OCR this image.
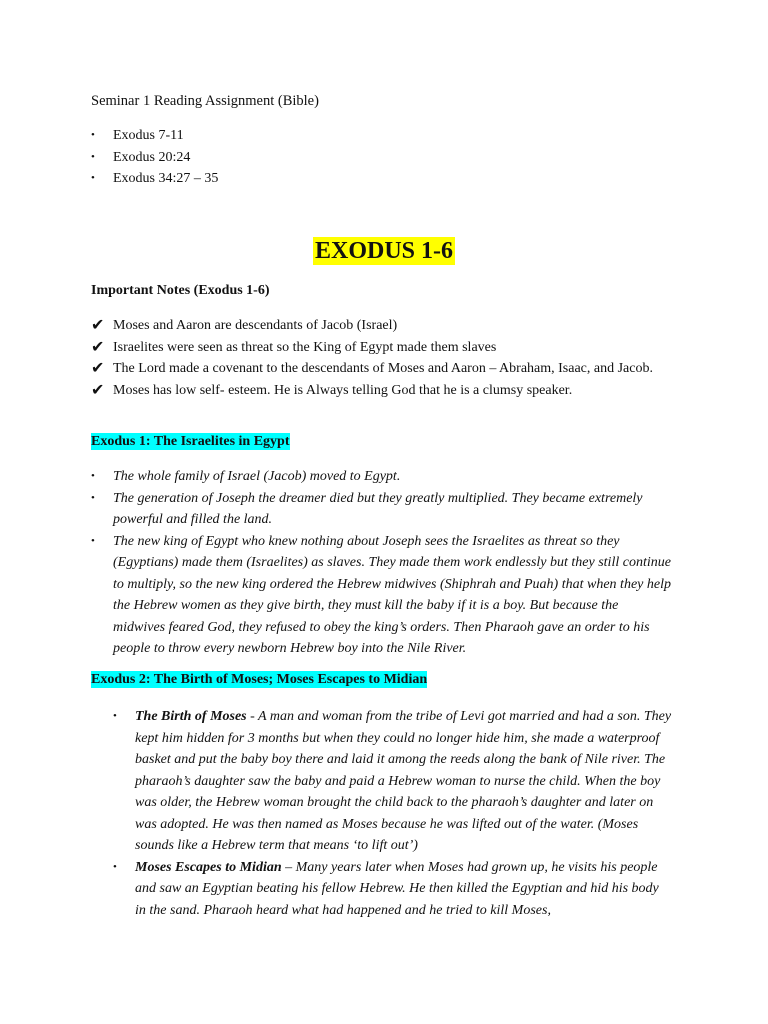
Seminar 1 Reading Assignment (Bible)
• Exodus 7-11
• Exodus 20:24
• Exodus 34:27 – 35
EXODUS 1-6
Important Notes (Exodus 1-6)
✔ Moses and Aaron are descendants of Jacob (Israel)
✔ Israelites were seen as threat so the King of Egypt made them slaves
✔ The Lord made a covenant to the descendants of Moses and Aaron – Abraham, Isaac, and Jacob.
✔ Moses has low self- esteem. He is Always telling God that he is a clumsy speaker.
Exodus 1: The Israelites in Egypt
• The whole family of Israel (Jacob) moved to Egypt.
• The generation of Joseph the dreamer died but they greatly multiplied. They became extremely powerful and filled the land.
• The new king of Egypt who knew nothing about Joseph sees the Israelites as threat so they (Egyptians) made them (Israelites) as slaves. They made them work endlessly but they still continue to multiply, so the new king ordered the Hebrew midwives (Shiphrah and Puah) that when they help the Hebrew women as they give birth, they must kill the baby if it is a boy. But because the midwives feared God, they refused to obey the king’s orders. Then Pharaoh gave an order to his people to throw every newborn Hebrew boy into the Nile River.
Exodus 2: The Birth of Moses; Moses Escapes to Midian
• The Birth of Moses - A man and woman from the tribe of Levi got married and had a son. They kept him hidden for 3 months but when they could no longer hide him, she made a waterproof basket and put the baby boy there and laid it among the reeds along the bank of Nile river. The pharaoh’s daughter saw the baby and paid a Hebrew woman to nurse the child. When the boy was older, the Hebrew woman brought the child back to the pharaoh’s daughter and later on was adopted. He was then named as Moses because he was lifted out of the water. (Moses sounds like a Hebrew term that means ‘to lift out’)
• Moses Escapes to Midian – Many years later when Moses had grown up, he visits his people and saw an Egyptian beating his fellow Hebrew. He then killed the Egyptian and hid his body in the sand. Pharaoh heard what had happened and he tried to kill Moses,
